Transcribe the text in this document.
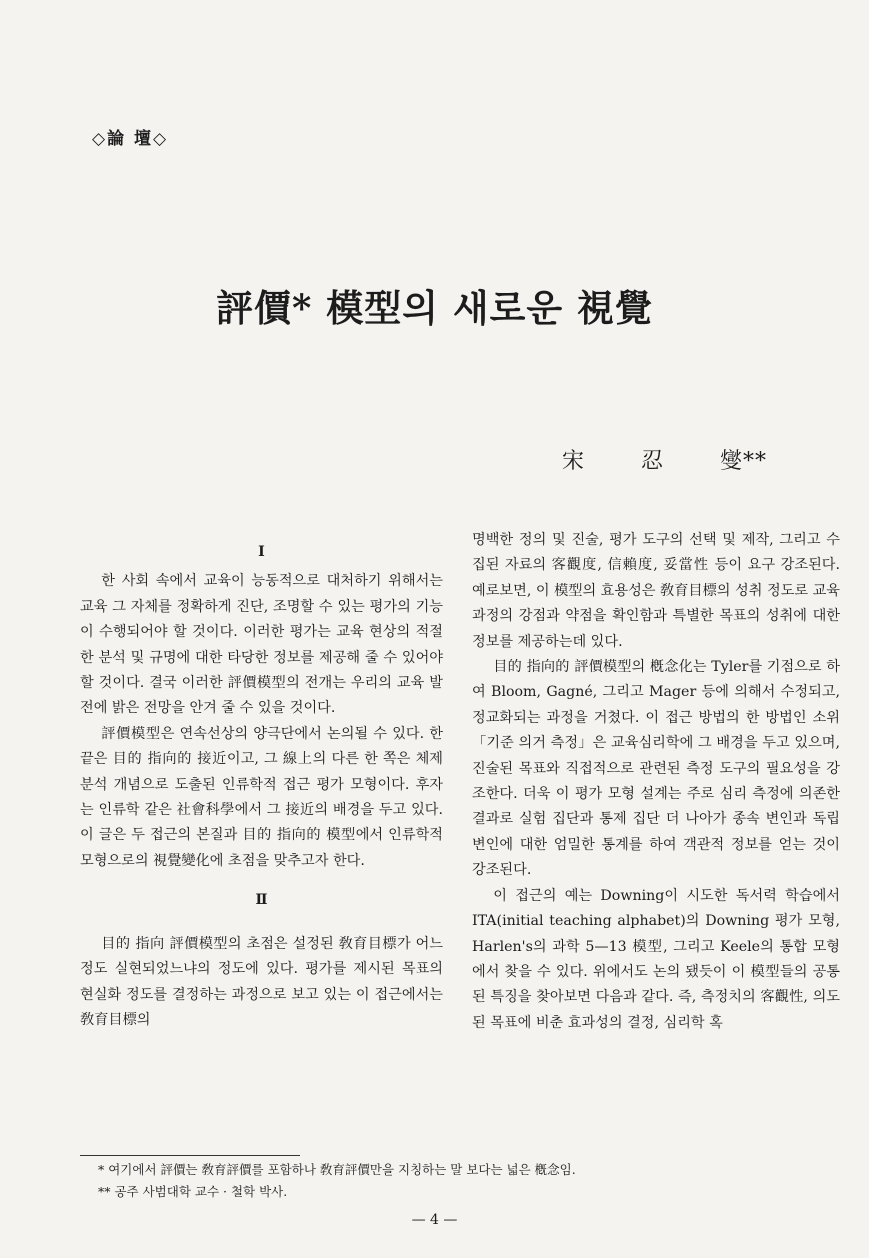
◇論 壇◇
評價* 模型의 새로운 視覺
宋 忍 燮**
I

한 사회 속에서 교육이 능동적으로 대처하기 위해서는 교육 그 자체를 정확하게 진단, 조명할 수 있는 평가의 기능이 수행되어야 할 것이다. 이러한 평가는 교육 현상의 적절한 분석 및 규명에 대한 타당한 정보를 제공해 줄 수 있어야 할 것이다. 결국 이러한 評價模型의 전개는 우리의 교육 발전에 밝은 전망을 안겨 줄 수 있을 것이다.

評價模型은 연속선상의 양극단에서 논의될 수 있다. 한 끝은 目的 指向的 接近이고, 그 線上의 다른 한 쪽은 체제 분석 개념으로 도출된 인류학적 접근 평가 모형이다. 후자는 인류학 같은 社會科學에서 그 接近의 배경을 두고 있다. 이 글은 두 접근의 본질과 目的 指向的 模型에서 인류학적 모형으로의 視覺變化에 초점을 맞추고자 한다.

Ⅱ

目的 指向 評價模型의 초점은 설정된 敎育目標가 어느 정도 실현되었느냐의 정도에 있다. 평가를 제시된 목표의 현실화 정도를 결정하는 과정으로 보고 있는 이 접근에서는 敎育目標의

명백한 정의 및 진술, 평가 도구의 선택 및 제작, 그리고 수집된 자료의 客觀度, 信賴度, 妥當性 등이 요구 강조된다. 예로보면, 이 模型의 효용성은 敎育目標의 성취 정도로 교육 과정의 강점과 약점을 확인함과 특별한 목표의 성취에 대한 정보를 제공하는데 있다.

目的 指向的 評價模型의 槪念化는 Tyler를 기점으로 하여 Bloom, Gagné, 그리고 Mager 등에 의해서 수정되고, 정교화되는 과정을 거쳤다. 이 접근 방법의 한 방법인 소위 「기준 의거 측정」은 교육심리학에 그 배경을 두고 있으며, 진술된 목표와 직접적으로 관련된 측정 도구의 필요성을 강조한다. 더욱 이 평가 모형 설계는 주로 심리 측정에 의존한 결과로 실험 집단과 통제 집단 더 나아가 종속 변인과 독립 변인에 대한 엄밀한 통계를 하여 객관적 정보를 얻는 것이 강조된다.

이 접근의 예는 Downing이 시도한 독서력 학습에서 ITA(initial teaching alphabet)의 Downing 평가 모형, Harlen's의 과학 5—13 模型, 그리고 Keele의 통합 모형에서 찾을 수 있다. 위에서도 논의 됐듯이 이 模型들의 공통된 특징을 찾아보면 다음과 같다. 즉, 측정치의 客觀性, 의도된 목표에 비춘 효과성의 결정, 심리학 혹

* 여기에서 評價는 敎育評價를 포함하나 敎育評價만을 지칭하는 말 보다는 넓은 槪念임.
** 공주 사범대학 교수 · 철학 박사.
— 4 —
